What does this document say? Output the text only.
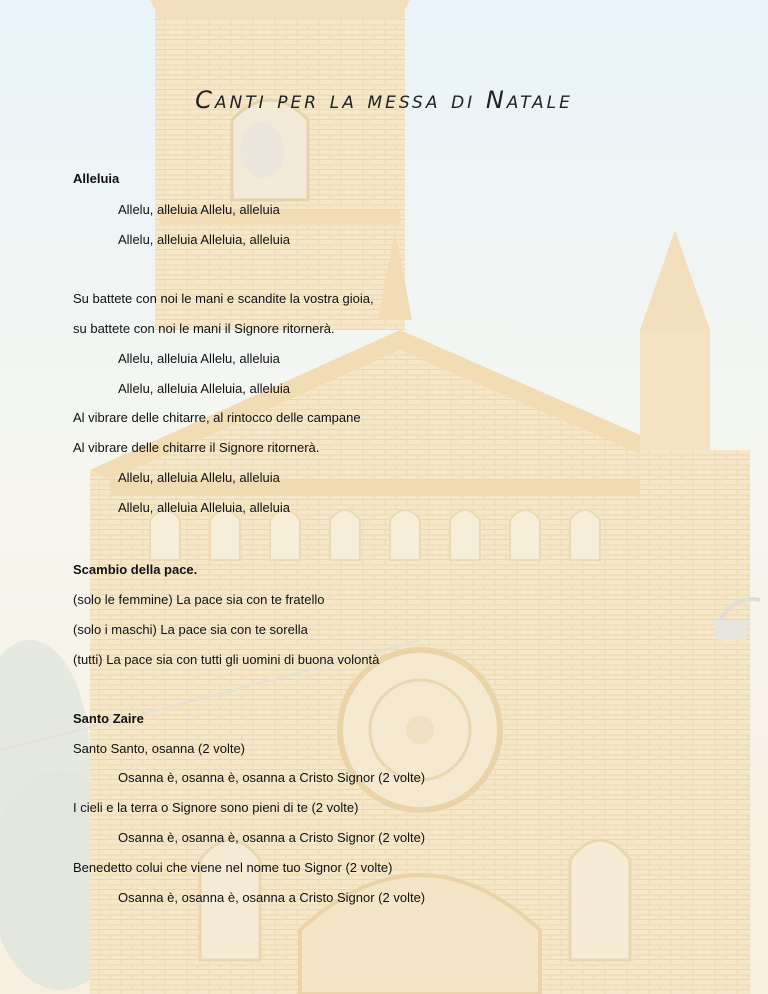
Canti per la messa di Natale
Alleluia
Allelu, alleluia Allelu, alleluia
Allelu, alleluia Alleluia, alleluia
Su battete con noi le mani e scandite la vostra gioia,
su battete con noi le mani il Signore ritornerà.
Allelu, alleluia Allelu, alleluia
Allelu, alleluia Alleluia, alleluia
Al vibrare delle chitarre, al rintocco delle campane
Al vibrare delle chitarre il Signore ritornerà.
Allelu, alleluia Allelu, alleluia
Allelu, alleluia Alleluia, alleluia
Scambio della pace.
(solo le femmine) La pace sia con te fratello
(solo i maschi) La pace sia con te sorella
(tutti) La pace sia con tutti gli uomini di buona volontà
Santo Zaire
Santo Santo, osanna (2 volte)
Osanna è, osanna è, osanna a Cristo Signor (2 volte)
I cieli e la terra o Signore sono pieni di te (2 volte)
Osanna è, osanna è, osanna a Cristo Signor (2 volte)
Benedetto colui che viene nel nome tuo Signor (2 volte)
Osanna è, osanna è, osanna a Cristo Signor (2 volte)
